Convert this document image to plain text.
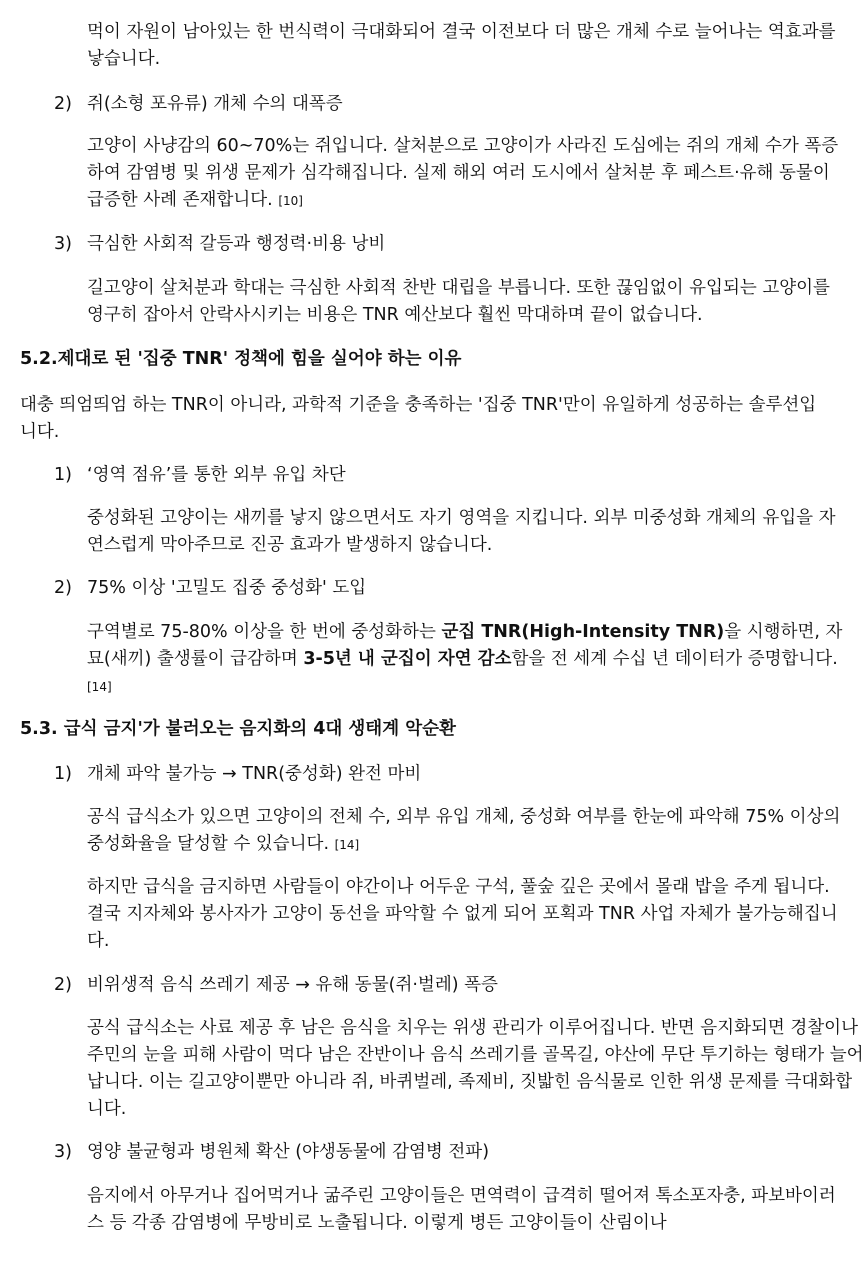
먹이 자원이 남아있는 한 번식력이 극대화되어 결국 이전보다 더 많은 개체 수로 늘어나는 역효과를 낳습니다.

2) 쥐(소형 포유류) 개체 수의 대폭증

고양이 사냥감의 60~70%는 쥐입니다. 살처분으로 고양이가 사라진 도심에는 쥐의 개체 수가 폭증하여 감염병 및 위생 문제가 심각해집니다. 실제 해외 여러 도시에서 살처분 후 페스트·유해 동물이 급증한 사례 존재합니다. [10]

3) 극심한 사회적 갈등과 행정력·비용 낭비

길고양이 살처분과 학대는 극심한 사회적 찬반 대립을 부릅니다. 또한 끊임없이 유입되는 고양이를 영구히 잡아서 안락사시키는 비용은 TNR 예산보다 훨씬 막대하며 끝이 없습니다.

5.2.제대로 된 '집중 TNR' 정책에 힘을 실어야 하는 이유

대충 띄엄띄엄 하는 TNR이 아니라, 과학적 기준을 충족하는 '집중 TNR'만이 유일하게 성공하는 솔루션입니다.

1) ‘영역 점유’를 통한 외부 유입 차단

중성화된 고양이는 새끼를 낳지 않으면서도 자기 영역을 지킵니다. 외부 미중성화 개체의 유입을 자연스럽게 막아주므로 진공 효과가 발생하지 않습니다.

2) 75% 이상 '고밀도 집중 중성화' 도입

구역별로 75-80% 이상을 한 번에 중성화하는 군집 TNR(High-Intensity TNR)을 시행하면, 자묘(새끼) 출생률이 급감하며 3-5년 내 군집이 자연 감소함을 전 세계 수십 년 데이터가 증명합니다. [14]

5.3. 급식 금지'가 불러오는 음지화의 4대 생태계 악순환
1) 개체 파악 불가능 → TNR(중성화) 완전 마비

공식 급식소가 있으면 고양이의 전체 수, 외부 유입 개체, 중성화 여부를 한눈에 파악해 75% 이상의 중성화율을 달성할 수 있습니다. [14]

하지만 급식을 금지하면 사람들이 야간이나 어두운 구석, 풀숲 깊은 곳에서 몰래 밥을 주게 됩니다. 결국 지자체와 봉사자가 고양이 동선을 파악할 수 없게 되어 포획과 TNR 사업 자체가 불가능해집니다.

2) 비위생적 음식 쓰레기 제공 → 유해 동물(쥐·벌레) 폭증

공식 급식소는 사료 제공 후 남은 음식을 치우는 위생 관리가 이루어집니다. 반면 음지화되면 경찰이나 주민의 눈을 피해 사람이 먹다 남은 잔반이나 음식 쓰레기를 골목길, 야산에 무단 투기하는 형태가 늘어납니다. 이는 길고양이뿐만 아니라 쥐, 바퀴벌레, 족제비, 짓밟힌 음식물로 인한 위생 문제를 극대화합니다.

3) 영양 불균형과 병원체 확산 (야생동물에 감염병 전파)

음지에서 아무거나 집어먹거나 굶주린 고양이들은 면역력이 급격히 떨어져 톡소포자충, 파보바이러스 등 각종 감염병에 무방비로 노출됩니다. 이렇게 병든 고양이들이 산림이나
